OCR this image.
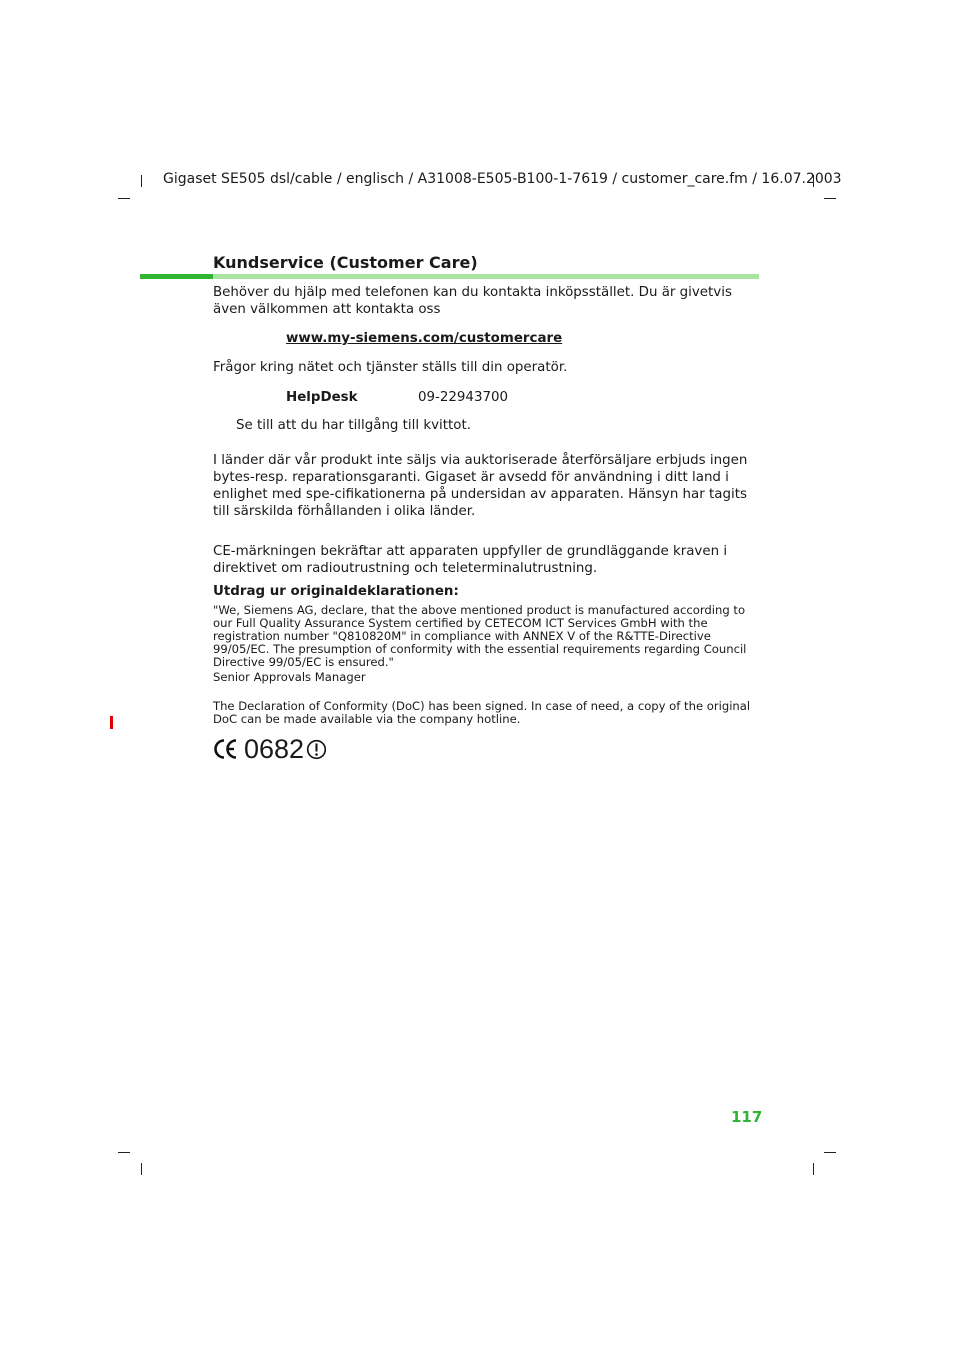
Gigaset SE505 dsl/cable / englisch / A31008-E505-B100-1-7619 / customer_care.fm / 16.07.2003
Kundservice (Customer Care)
Behöver du hjälp med telefonen kan du kontakta inköpsstället. Du är givetvis även välkommen att kontakta oss
www.my-siemens.com/customercare
Frågor kring nätet och tjänster ställs till din operatör.
HelpDesk	09-22943700
Se till att du har tillgång till kvittot.
I länder där vår produkt inte säljs via auktoriserade återförsäljare erbjuds ingen bytes-resp. reparationsgaranti. Gigaset är avsedd för användning i ditt land i enlighet med spe-cifikationerna på undersidan av apparaten. Hänsyn har tagits till särskilda förhållanden i olika länder.
CE-märkningen bekräftar att apparaten uppfyller de grundläggande kraven i direktivet om radioutrustning och teleterminalutrustning.
Utdrag ur originaldeklarationen:
"We, Siemens AG, declare, that the above mentioned product is manufactured according to our Full Quality Assurance System certified by CETECOM ICT Services GmbH with the registration number "Q810820M" in compliance with ANNEX V of the R&TTE-Directive 99/05/EC. The presumption of conformity with the essential requirements regarding Council Directive 99/05/EC is ensured."
Senior Approvals Manager
The Declaration of Conformity (DoC) has been signed. In case of need, a copy of the original DoC can be made available via the company hotline.
0682
117
